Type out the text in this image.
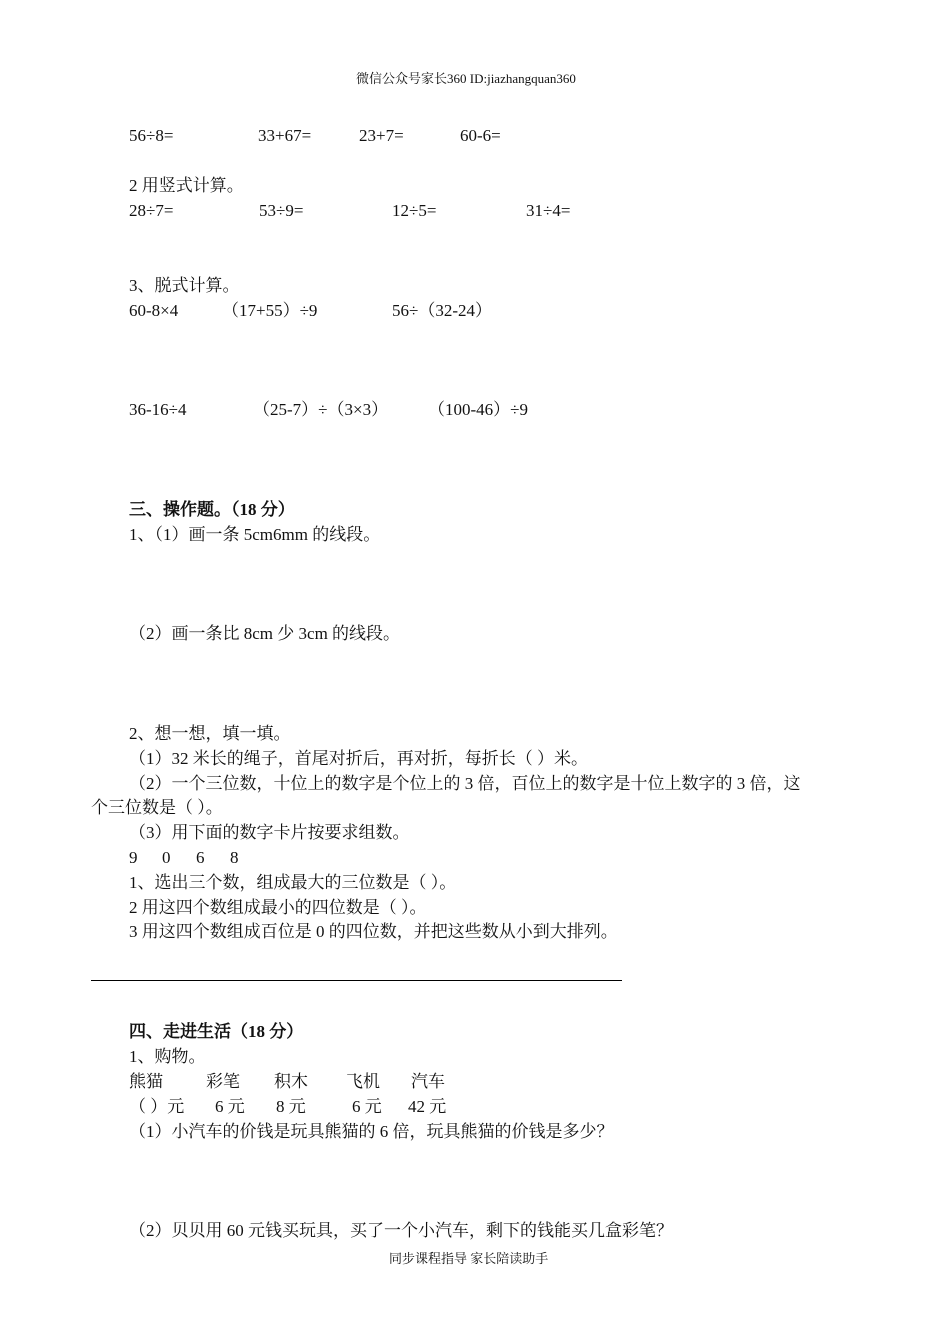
微信公众号家长360 ID:jiazhangquan360
56÷8=	33+67=	23+7=	60-6=
2 用竖式计算。
28÷7=	53÷9=	12÷5=	31÷4=
3、脱式计算。
60-8×4	（17+55）÷9	56÷（32-24）
36-16÷4	（25-7）÷（3×3） （100-46）÷9
三、操作题。（18 分）
1、（1）画一条 5cm6mm 的线段。
（2）画一条比 8cm 少 3cm 的线段。
2、想一想，填一填。
（1）32 米长的绳子，首尾对折后，再对折，每折长（ ）米。
（2）一个三位数，十位上的数字是个位上的 3 倍，百位上的数字是十位上数字的 3 倍，这
个三位数是（ ）。
（3）用下面的数字卡片按要求组数。
9 0 6 8
1、选出三个数，组成最大的三位数是（ ）。
2 用这四个数组成最小的四位数是（ ）。
3 用这四个数组成百位是 0 的四位数，并把这些数从小到大排列。
四、走进生活（18 分）
1、购物。
熊猫	彩笔 积木 飞机 汽车
（ ）元 6 元 8 元	6 元 42 元
（1）小汽车的价钱是玩具熊猫的 6 倍，玩具熊猫的价钱是多少？
（2）贝贝用 60 元钱买玩具，买了一个小汽车，剩下的钱能买几盒彩笔？
同步课程指导 家长陪读助手
